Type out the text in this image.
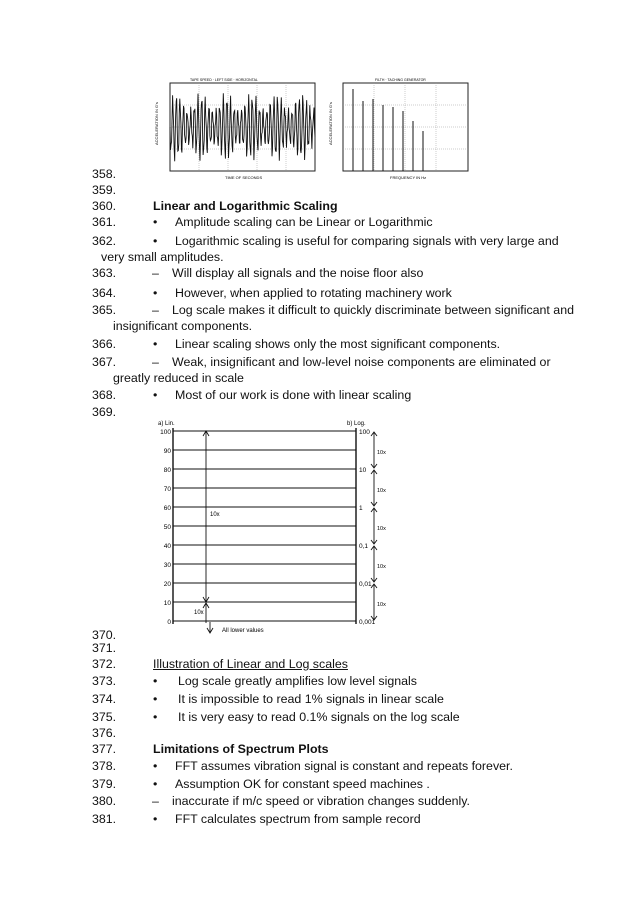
TAPE SPEED · LEFT SIDE · HORIZONTAL
ACCELERATION IN G's
TIME OF SECONDS
FILTH · TACHING GENERATOR
ACCELERATION IN G's
FREQUENCY IN Hz
a) Lin.	b) Log.
100
90
80
70
60
50
40
30
20
10
0
100
10
1
0,1
0,01
0,001
10x
10x
All lower values
10x
10x
10x
10x
10x
358.
359.
360.	Linear and Logarithmic Scaling
361.	• Amplitude scaling can be Linear or Logarithmic
362.	• Logarithmic scaling is useful for comparing signals with very large and
very small amplitudes.
363.	– Will display all signals and the noise floor also
364.	• However, when applied to rotating machinery work
365.	– Log scale makes it difficult to quickly discriminate between significant and
insignificant components.
366.	• Linear scaling shows only the most significant components.
367.	– Weak, insignificant and low-level noise components are eliminated or
greatly reduced in scale
368.	• Most of our work is done with linear scaling
369.
370.
371.
372.	Illustration of Linear and Log scales
373.	• Log scale greatly amplifies low level signals
374.	• It is impossible to read 1% signals in linear scale
375.	• It is very easy to read 0.1% signals on the log scale
376.
377.	Limitations of Spectrum Plots
378.	• FFT assumes vibration signal is constant and repeats forever.
379.	• Assumption OK for constant speed machines .
380.	– inaccurate if m/c speed or vibration changes suddenly.
381.	• FFT calculates spectrum from sample record
